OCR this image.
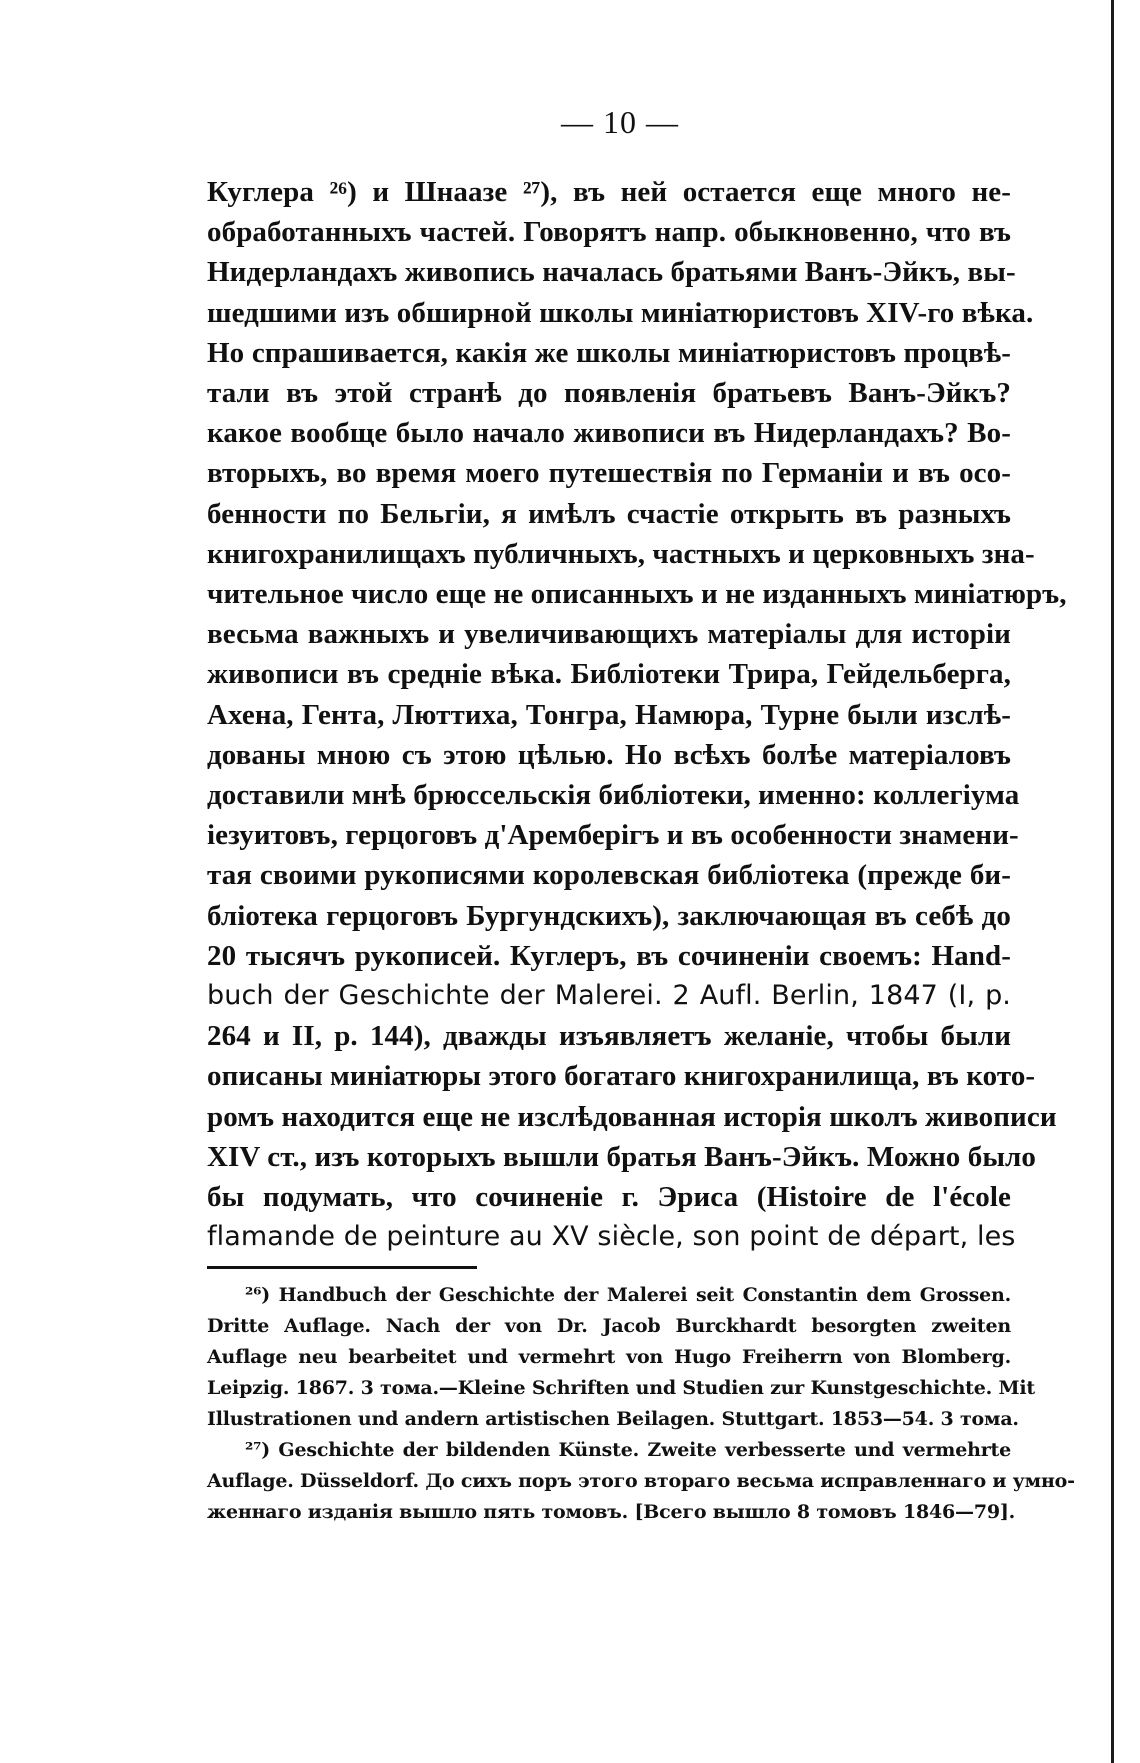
— 10 —
Куглера ²⁶) и Шнаазе ²⁷), въ ней остается еще много не-
обработанныхъ частей. Говорятъ напр. обыкновенно, что въ
Нидерландахъ живопись началась братьями Ванъ-Эйкъ, вы-
шедшими изъ обширной школы миніатюристовъ XIV-го вѣка.
Но спрашивается, какія же школы миніатюристовъ процвѣ-
тали въ этой странѣ до появленія братьевъ Ванъ-Эйкъ?
какое вообще было начало живописи въ Нидерландахъ? Во-
вторыхъ, во время моего путешествія по Германіи и въ осо-
бенности по Бельгіи, я имѣлъ счастіе открыть въ разныхъ
книгохранилищахъ публичныхъ, частныхъ и церковныхъ зна-
чительное число еще не описанныхъ и не изданныхъ миніатюръ,
весьма важныхъ и увеличивающихъ матеріалы для исторіи
живописи въ средніе вѣка. Библіотеки Трира, Гейдельберга,
Ахена, Гента, Люттиха, Тонгра, Намюра, Турне были изслѣ-
дованы мною съ этою цѣлью. Но всѣхъ болѣе матеріаловъ
доставили мнѣ брюссельскія библіотеки, именно: коллегіума
іезуитовъ, герцоговъ д'Аремберігъ и въ особенности знамени-
тая своими рукописями королевская библіотека (прежде би-
бліотека герцоговъ Бургундскихъ), заключающая въ себѣ до
20 тысячъ рукописей. Куглеръ, въ сочиненіи своемъ: Hand-
buch der Geschichte der Malerei. 2 Aufl. Berlin, 1847 (I, p.
264 и II, p. 144), дважды изъявляетъ желаніе, чтобы были
описаны миніатюры этого богатаго книгохранилища, въ кото-
ромъ находится еще не изслѣдованная исторія школъ живописи
XIV ст., изъ которыхъ вышли братья Ванъ-Эйкъ. Можно было
бы подумать, что сочиненіе г. Эриса (Histoire de l'école
flamande de peinture au XV siècle, son point de départ, les
²⁶) Handbuch der Geschichte der Malerei seit Constantin dem Grossen.
Dritte Auflage. Nach der von Dr. Jacob Burckhardt besorgten zweiten
Auflage neu bearbeitet und vermehrt von Hugo Freiherrn von Blomberg.
Leipzig. 1867. 3 тома.—Kleine Schriften und Studien zur Kunstgeschichte. Mit
Illustrationen und andern artistischen Beilagen. Stuttgart. 1853—54. 3 тома.
²⁷) Geschichte der bildenden Künste. Zweite verbesserte und vermehrte
Auflage. Düsseldorf. До сихъ поръ этого втораго весьма исправленнаго и умно-
женнаго изданія вышло пять томовъ. [Всего вышло 8 томовъ 1846—79].
